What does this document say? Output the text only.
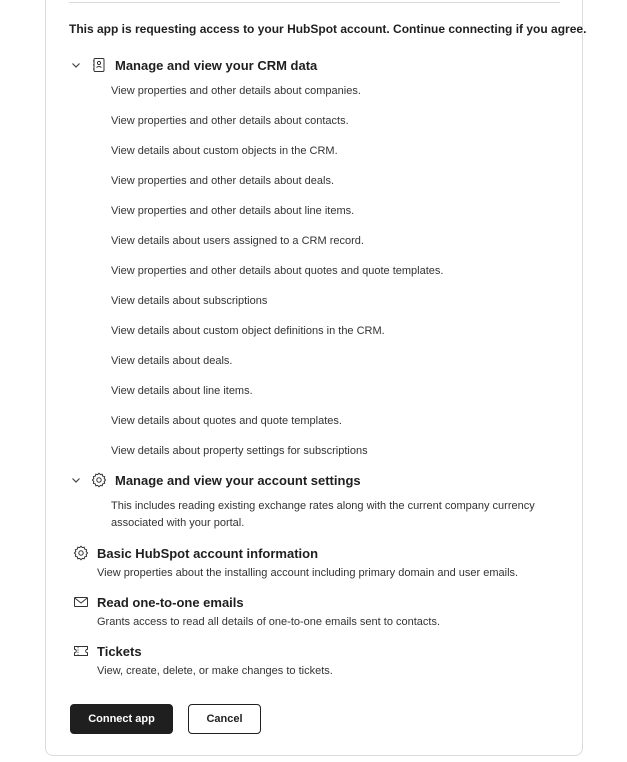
This app is requesting access to your HubSpot account. Continue connecting if you agree.
Manage and view your CRM data
View properties and other details about companies.
View properties and other details about contacts.
View details about custom objects in the CRM.
View properties and other details about deals.
View properties and other details about line items.
View details about users assigned to a CRM record.
View properties and other details about quotes and quote templates.
View details about subscriptions
View details about custom object definitions in the CRM.
View details about deals.
View details about line items.
View details about quotes and quote templates.
View details about property settings for subscriptions
Manage and view your account settings
This includes reading existing exchange rates along with the current company currency
associated with your portal.
Basic HubSpot account information
View properties about the installing account including primary domain and user emails.
Read one-to-one emails
Grants access to read all details of one-to-one emails sent to contacts.
Tickets
View, create, delete, or make changes to tickets.
Connect app	Cancel
